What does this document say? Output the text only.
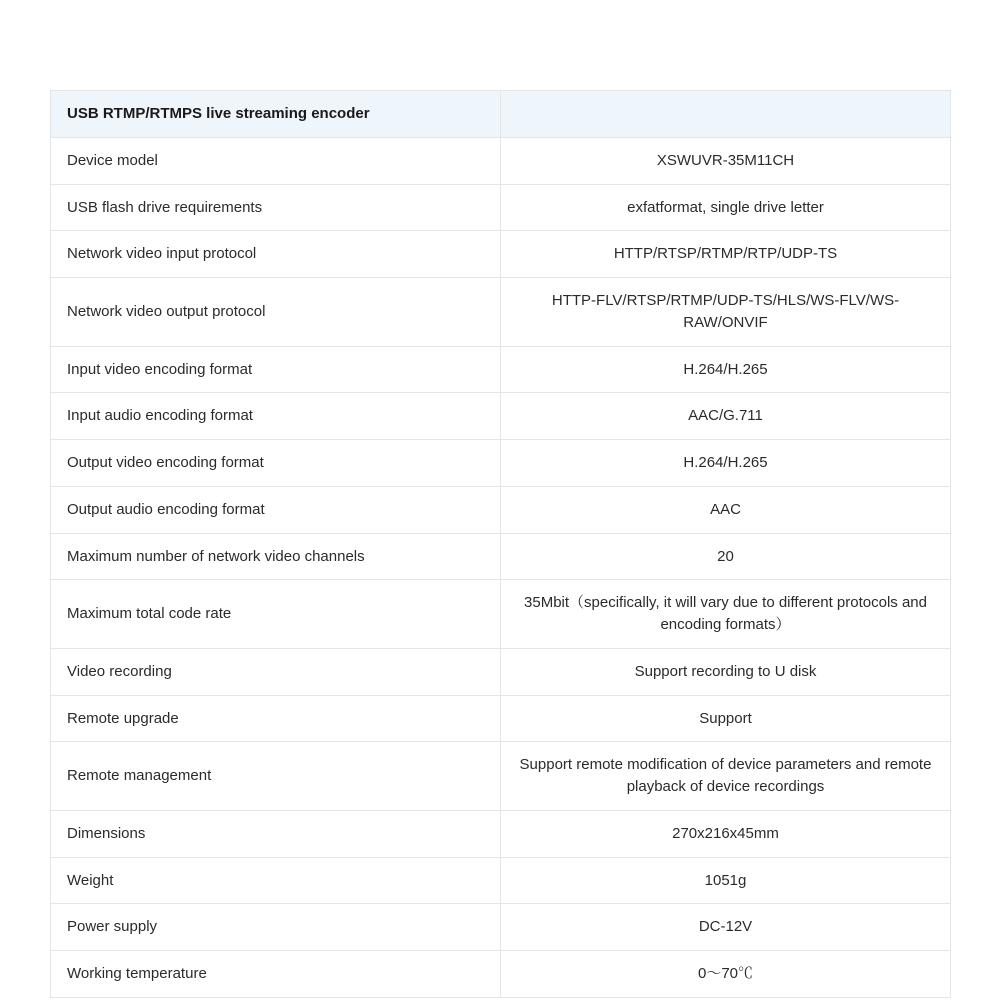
USB RTMP/RTMPS live streaming encoder	
Device model	XSWUVR-35M11CH
USB flash drive requirements	exfatformat, single drive letter
Network video input protocol	HTTP/RTSP/RTMP/RTP/UDP-TS
Network video output protocol	HTTP-FLV/RTSP/RTMP/UDP-TS/HLS/WS-FLV/WS-RAW/ONVIF
Input video encoding format	H.264/H.265
Input audio encoding format	AAC/G.711
Output video encoding format	H.264/H.265
Output audio encoding format	AAC
Maximum number of network video channels	20
Maximum total code rate	35Mbit（specifically, it will vary due to different protocols and encoding formats）
Video recording	Support recording to U disk
Remote upgrade	Support
Remote management	Support remote modification of device parameters and remote playback of device recordings
Dimensions	270x216x45mm
Weight	1051g
Power supply	DC-12V
Working temperature	0～70℃
